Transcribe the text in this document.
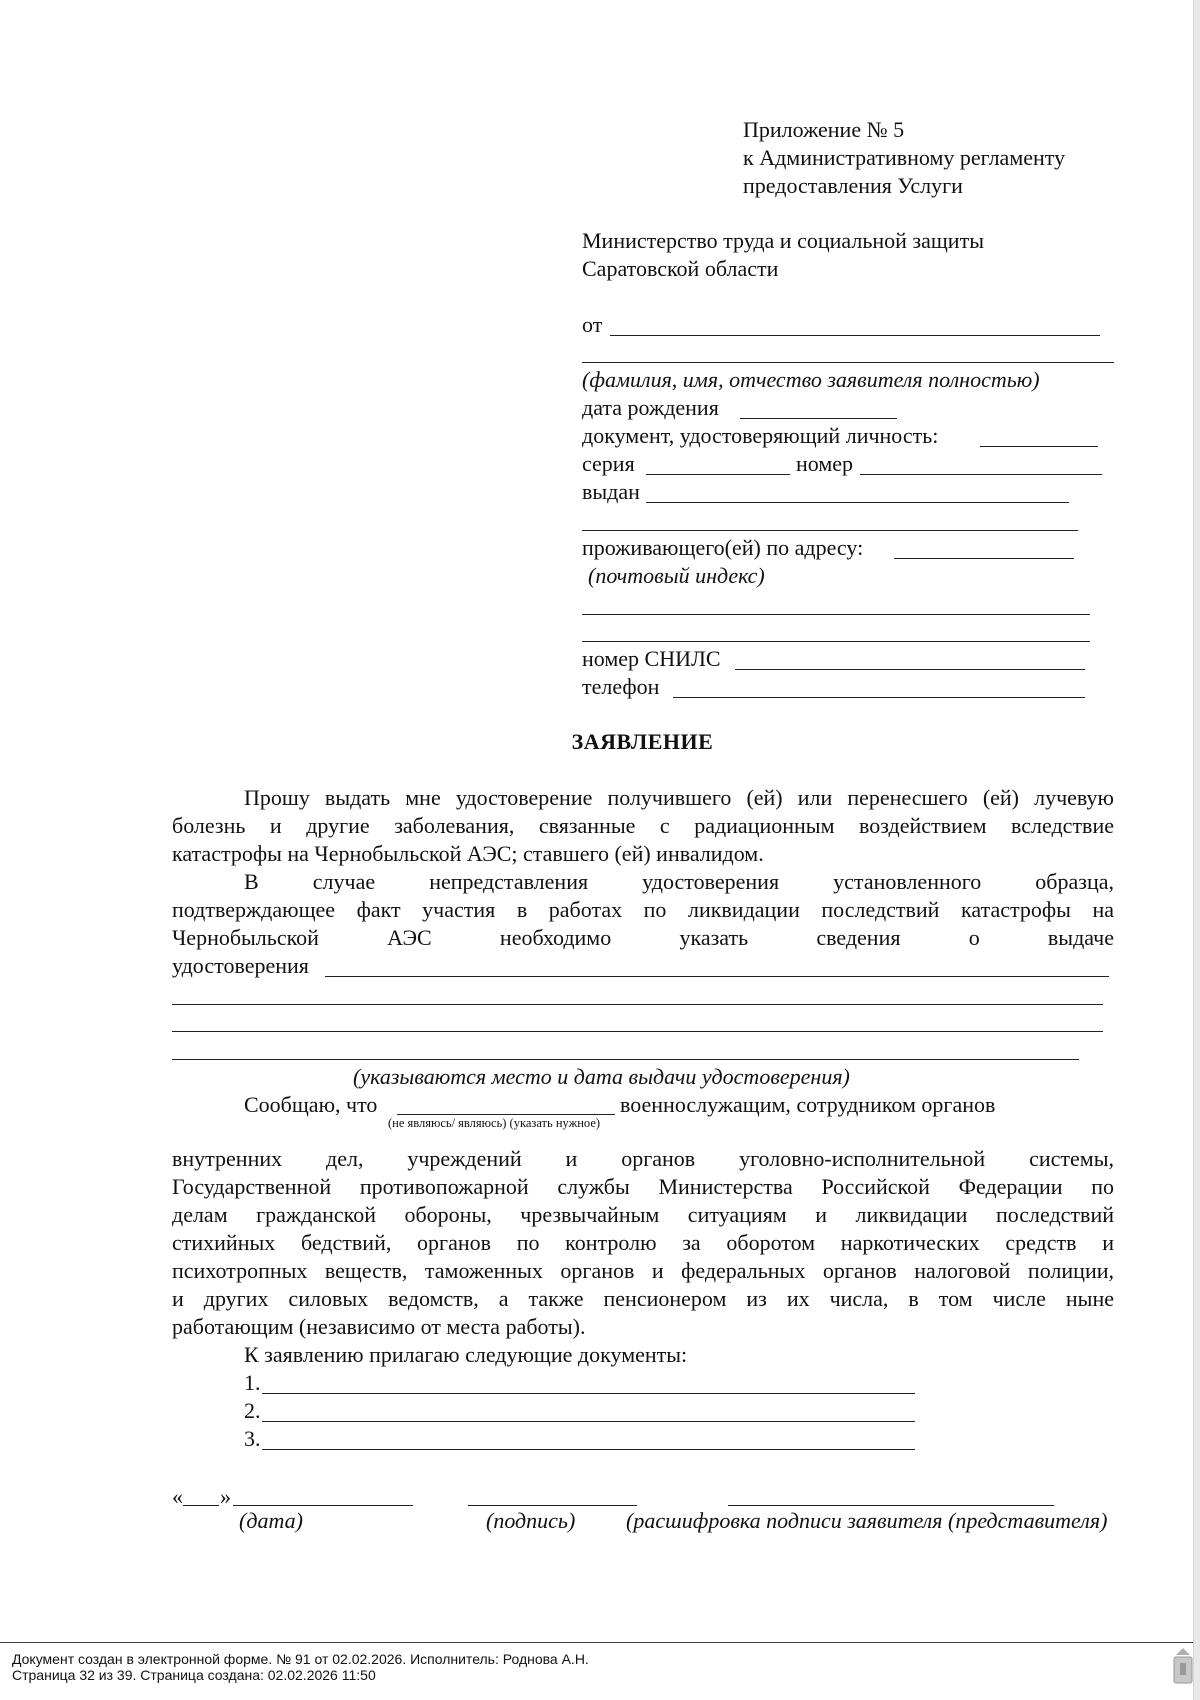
Приложение № 5
к Административному регламенту
предоставления Услуги
Министерство труда и социальной защиты
Саратовской области
от
(фамилия, имя, отчество заявителя полностью)
дата рождения
документ, удостоверяющий личность:
серия	номер
выдан
проживающего(ей) по адресу:
(почтовый индекс)
номер СНИЛС
телефон
ЗАЯВЛЕНИЕ
Прошу выдать мне удостоверение получившего (ей) или перенесшего (ей) лучевую
болезнь и другие заболевания, связанные с радиационным воздействием вследствие
катастрофы на Чернобыльской АЭС; ставшего (ей) инвалидом.
В случае непредставления удостоверения установленного образца,
подтверждающее факт участия в работах по ликвидации последствий катастрофы на
Чернобыльской АЭС необходимо указать сведения о выдаче
удостоверения
(указываются место и дата выдачи удостоверения)
Сообщаю, что	военнослужащим, сотрудником органов
(не являюсь/ являюсь) (указать нужное)
внутренних дел, учреждений и органов уголовно-исполнительной системы,
Государственной противопожарной службы Министерства Российской Федерации по
делам гражданской обороны, чрезвычайным ситуациям и ликвидации последствий
стихийных бедствий, органов по контролю за оборотом наркотических средств и
психотропных веществ, таможенных органов и федеральных органов налоговой полиции,
и других силовых ведомств, а также пенсионером из их числа, в том числе ныне
работающим (независимо от места работы).
К заявлению прилагаю следующие документы:
1.
2.
3.
« »
(дата)	(подпись) (расшифровка подписи заявителя (представителя)
Документ создан в электронной форме. № 91 от 02.02.2026. Исполнитель: Роднова А.Н.
Страница 32 из 39. Страница создана: 02.02.2026 11:50
